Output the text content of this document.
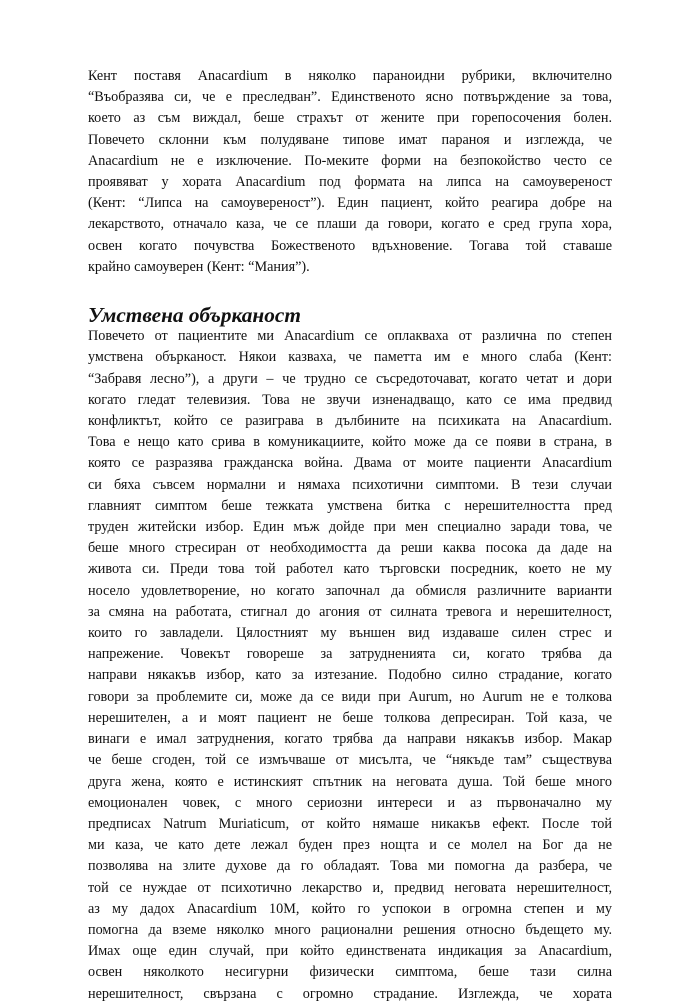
Кент поставя Anacardium в няколко параноидни рубрики, включително
“Въобразява си, че е преследван”. Единственото ясно потвърждение за това,
което аз съм виждал, беше страхът от жените при горепосочения болен.
Повечето склонни към полудяване типове имат параноя и изглежда, че
Anacardium не е изключение. По-меките форми на безпокойство често се
проявяват у хората Anacardium под формата на липса на самоувереност
(Кент: “Липса на самоувереност”). Един пациент, който реагира добре на
лекарството, отначало каза, че се плаши да говори, когато е сред група хора,
освен когато почувства Божественото вдъхновение. Тогава той ставаше
крайно самоуверен (Кент: “Мания”).

Умствена обърканост

Повечето от пациентите ми Anacardium се оплакваха от различна по степен
умствена обърканост. Някои казваха, че паметта им е много слаба (Кент:
“Забравя лесно”), а други – че трудно се съсредоточават, когато четат и дори
когато гледат телевизия. Това не звучи изненадващо, като се има предвид
конфликтът, който се разиграва в дълбините на психиката на Anacardium.
Това е нещо като срива в комуникациите, който може да се появи в страна, в
която се разразява гражданска война. Двама от моите пациенти Anacardium
си бяха съвсем нормални и нямаха психотични симптоми. В тези случаи
главният симптом беше тежката умствена битка с нерешителността пред
труден житейски избор. Един мъж дойде при мен специално заради това, че
беше много стресиран от необходимостта да реши каква посока да даде на
живота си. Преди това той работел като търговски посредник, което не му
носело удовлетворение, но когато започнал да обмисля различните варианти
за смяна на работата, стигнал до агония от силната тревога и нерешителност,
които го завладели. Цялостният му външен вид издаваше силен стрес и
напрежение. Човекът говореше за затрудненията си, когато трябва да
направи някакъв избор, като за изтезание. Подобно силно страдание, когато
говори за проблемите си, може да се види при Aurum, но Aurum не е толкова
нерешителен, а и моят пациент не беше толкова депресиран. Той каза, че
винаги е имал затруднения, когато трябва да направи някакъв избор. Макар
че беше сгоден, той се измъчваше от мисълта, че “някъде там” съществува
друга жена, която е истинският спътник на неговата душа. Той беше много
емоционален човек, с много сериозни интереси и аз първоначално му
предписах Natrum Muriaticum, от който нямаше никакъв ефект. После той
ми каза, че като дете лежал буден през нощта и се молел на Бог да не
позволява на злите духове да го обладаят. Това ми помогна да разбера, че
той се нуждае от психотично лекарство и, предвид неговата нерешителност,
аз му дадох Anacardium 10M, който го успокои в огромна степен и му
помогна да вземе няколко много рационални решения относно бъдещето му.
Имах още един случай, при който единствената индикация за Anacardium,
освен няколкото несигурни физически симптома, беше тази силна
нерешителност, свързана с огромно страдание. Изглежда, че хората
